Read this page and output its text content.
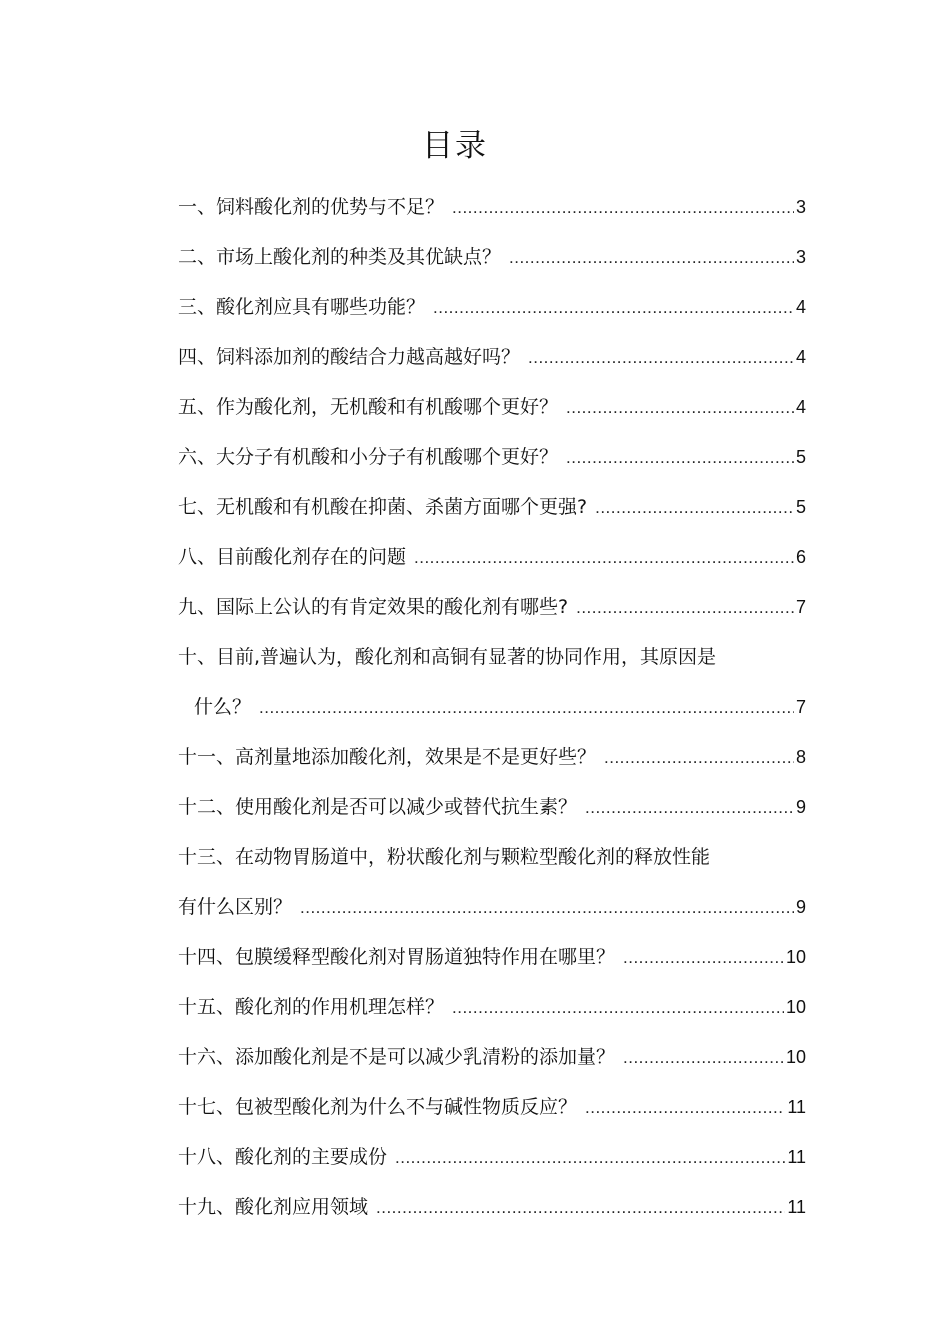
目录
一、饲料酸化剂的优势与不足？ .....	3
二、市场上酸化剂的种类及其优缺点？ .....	3
三、酸化剂应具有哪些功能？ .....	4
四、饲料添加剂的酸结合力越高越好吗？ .....	4
五、作为酸化剂，无机酸和有机酸哪个更好？ .....	4
六、大分子有机酸和小分子有机酸哪个更好？ .....	5
七、无机酸和有机酸在抑菌、杀菌方面哪个更强? .....	5
八、目前酸化剂存在的问题 .....	6
九、国际上公认的有肯定效果的酸化剂有哪些? .....	7
十、目前,普遍认为，酸化剂和高铜有显著的协同作用，其原因是
什么？ .....	7
十一、高剂量地添加酸化剂，效果是不是更好些？ .....	8
十二、使用酸化剂是否可以减少或替代抗生素？ .....	9
十三、在动物胃肠道中，粉状酸化剂与颗粒型酸化剂的释放性能
有什么区别？ .....	9
十四、包膜缓释型酸化剂对胃肠道独特作用在哪里？ .....	10
十五、酸化剂的作用机理怎样？ .....	10
十六、添加酸化剂是不是可以减少乳清粉的添加量？ .....	10
十七、包被型酸化剂为什么不与碱性物质反应？ .....	11
十八、酸化剂的主要成份 .....	11
十九、酸化剂应用领域 .....	11
